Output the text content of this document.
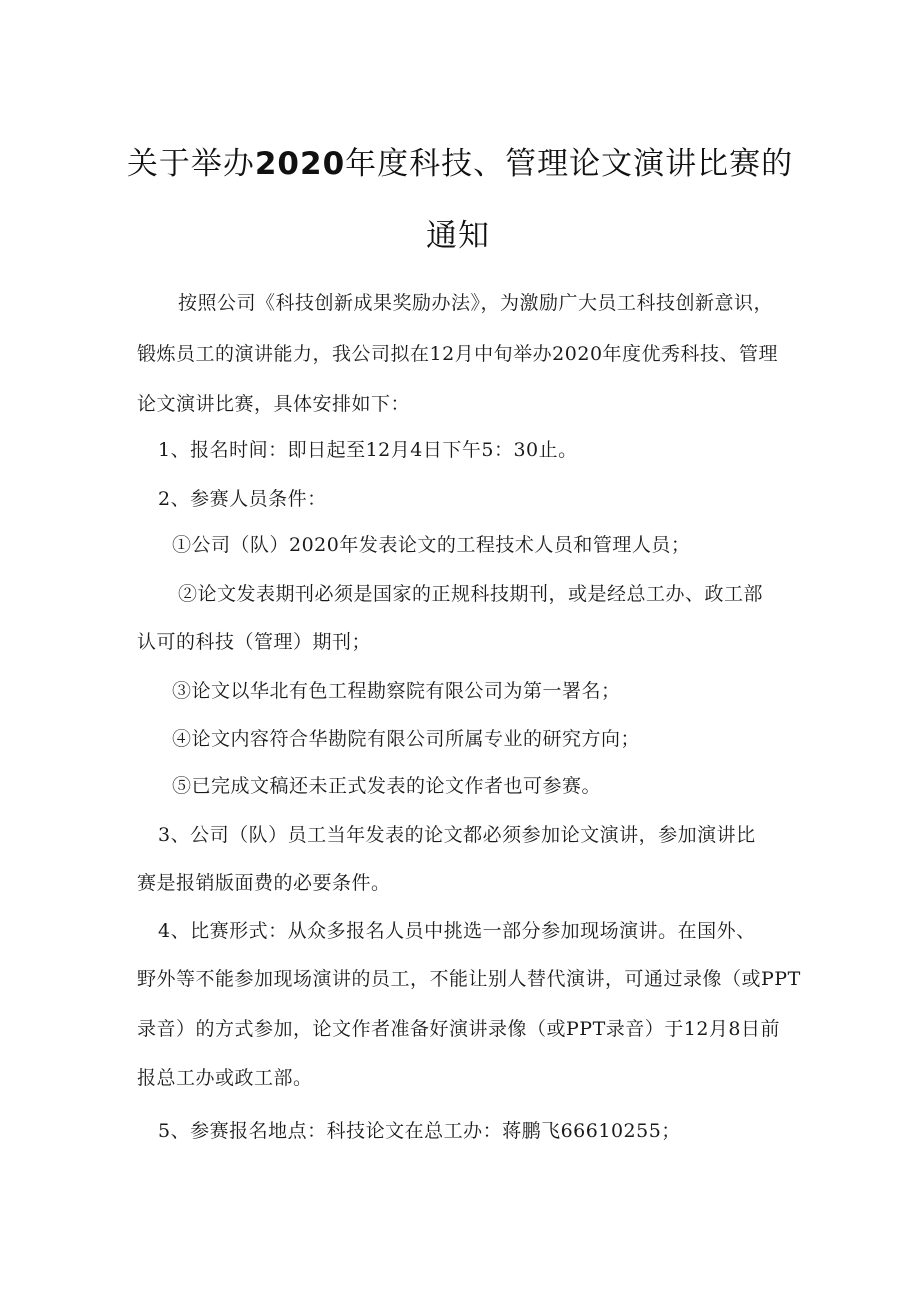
关于举办2020年度科技、管理论文演讲比赛的
通知
按照公司《科技创新成果奖励办法》，为激励广大员工科技创新意识，
锻炼员工的演讲能力，我公司拟在12月中旬举办2020年度优秀科技、管理
论文演讲比赛，具体安排如下：
1、报名时间：即日起至12月4日下午5：30止。
2、参赛人员条件：
①公司（队）2020年发表论文的工程技术人员和管理人员；
②论文发表期刊必须是国家的正规科技期刊，或是经总工办、政工部
认可的科技（管理）期刊；
③论文以华北有色工程勘察院有限公司为第一署名；
④论文内容符合华勘院有限公司所属专业的研究方向；
⑤已完成文稿还未正式发表的论文作者也可参赛。
3、公司（队）员工当年发表的论文都必须参加论文演讲，参加演讲比
赛是报销版面费的必要条件。
4、比赛形式：从众多报名人员中挑选一部分参加现场演讲。在国外、
野外等不能参加现场演讲的员工，不能让别人替代演讲，可通过录像（或PPT
录音）的方式参加，论文作者准备好演讲录像（或PPT录音）于12月8日前
报总工办或政工部。
5、参赛报名地点：科技论文在总工办：蒋鹏飞66610255；
